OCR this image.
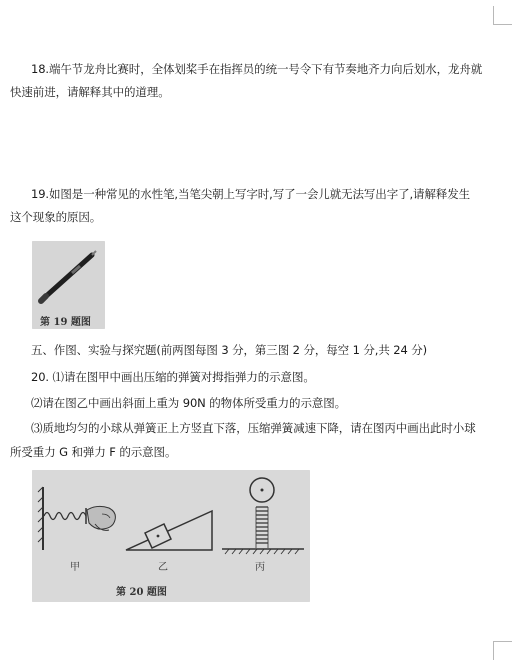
18.端午节龙舟比赛时，全体划桨手在指挥员的统一号令下有节奏地齐力向后划水，龙舟就
快速前进，请解释其中的道理。
19.如图是一种常见的水性笔,当笔尖朝上写字时,写了一会儿就无法写出字了,请解释发生
这个现象的原因。
第 19 题图
五、作图、实验与探究题(前两图每图 3 分，第三图 2 分，每空 1 分,共 24 分)
20. ⑴请在图甲中画出压缩的弹簧对拇指弹力的示意图。
⑵请在图乙中画出斜面上重为 90N 的物体所受重力的示意图。
⑶质地均匀的小球从弹簧正上方竖直下落，压缩弹簧减速下降，请在图丙中画出此时小球
所受重力 G 和弹力 F 的示意图。
甲	乙	丙
第 20 题图
